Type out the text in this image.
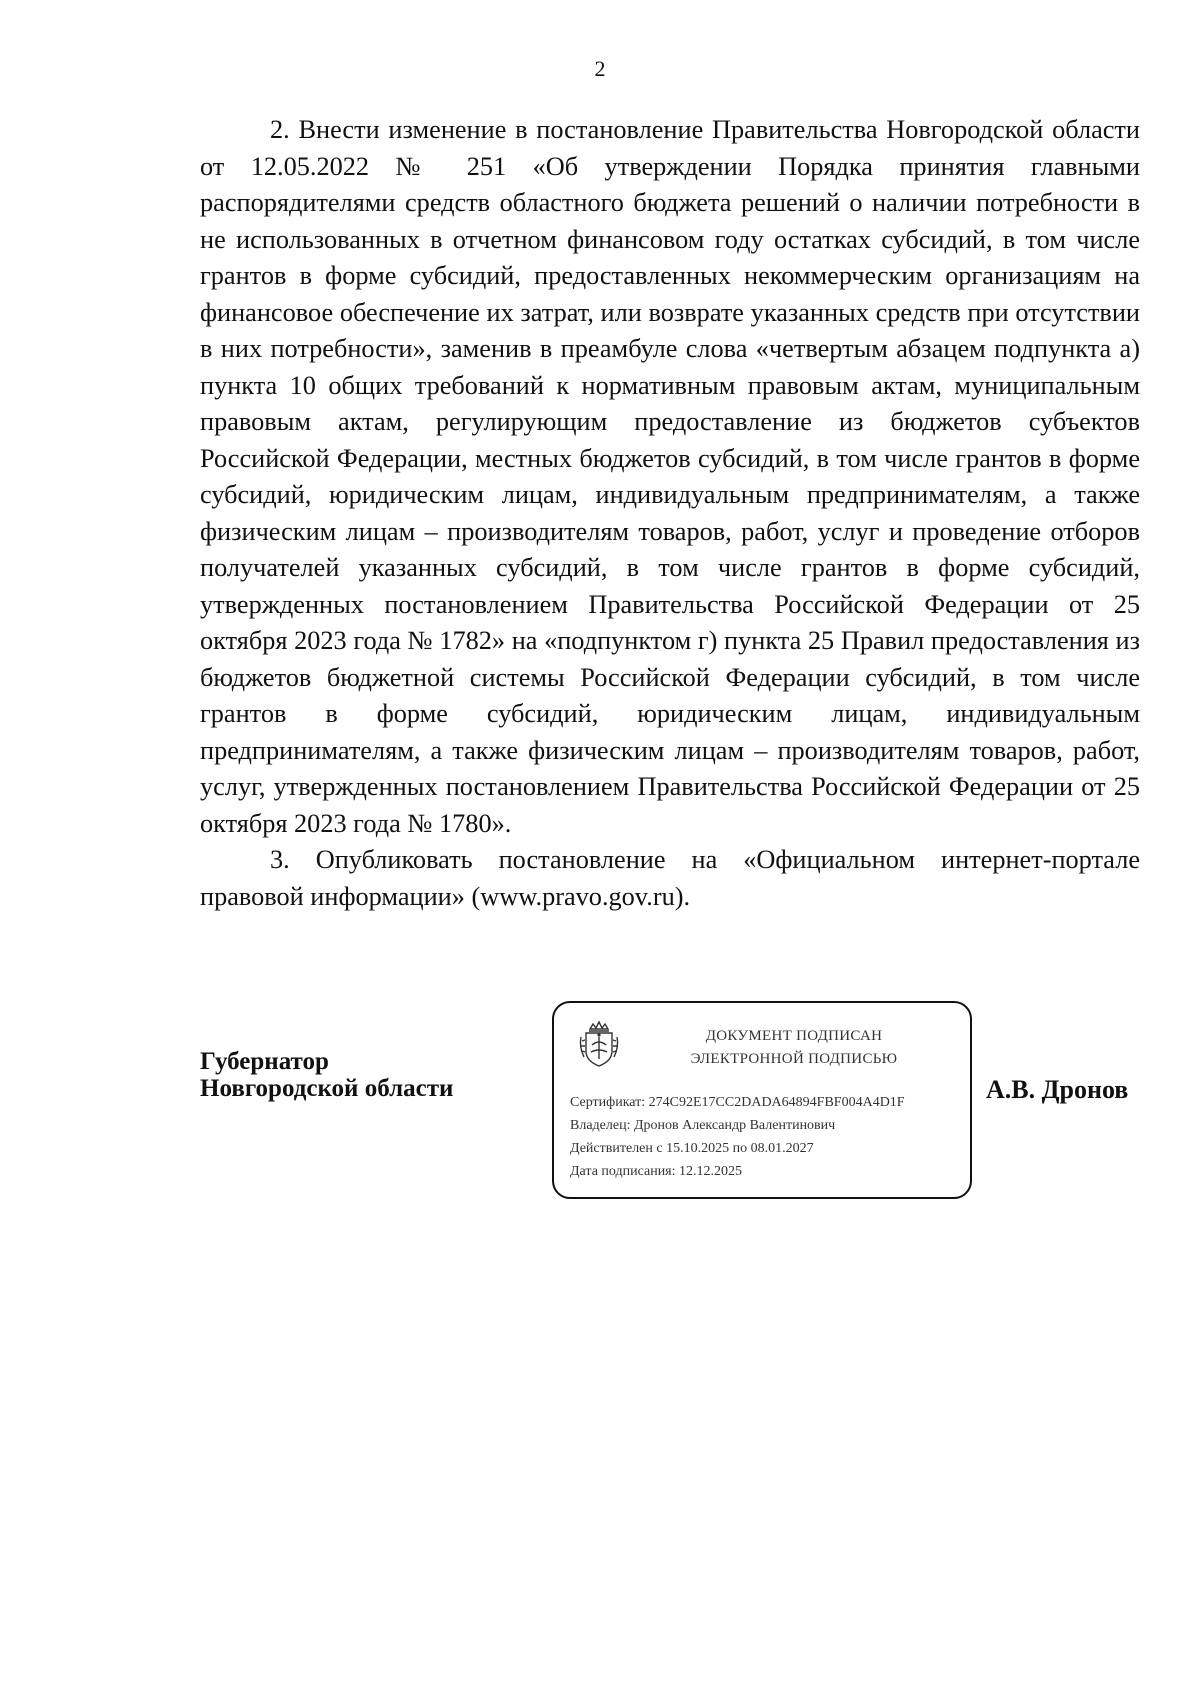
2

2. Внести изменение в постановление Правительства Новгородской области от 12.05.2022 № 251 «Об утверждении Порядка принятия главными распорядителями средств областного бюджета решений о наличии потребности в не использованных в отчетном финансовом году остатках субсидий, в том числе грантов в форме субсидий, предоставленных некоммерческим организациям на финансовое обеспечение их затрат, или возврате указанных средств при отсутствии в них потребности», заменив в преамбуле слова «четвертым абзацем подпункта а) пункта 10 общих требований к нормативным правовым актам, муниципальным правовым актам, регулирующим предоставление из бюджетов субъектов Российской Федерации, местных бюджетов субсидий, в том числе грантов в форме субсидий, юридическим лицам, индивидуальным предпринимателям, а также физическим лицам – производителям товаров, работ, услуг и проведение отборов получателей указанных субсидий, в том числе грантов в форме субсидий, утвержденных постановлением Правительства Российской Федерации от 25 октября 2023 года № 1782» на «подпунктом г) пункта 25 Правил предоставления из бюджетов бюджетной системы Российской Федерации субсидий, в том числе грантов в форме субсидий, юридическим лицам, индивидуальным предпринимателям, а также физическим лицам – производителям товаров, работ, услуг, утвержденных постановлением Правительства Российской Федерации от 25 октября 2023 года № 1780».

3. Опубликовать постановление на «Официальном интернет-портале правовой информации» (www.pravo.gov.ru).

Губернатор
Новгородской области
ДОКУМЕНТ ПОДПИСАН
ЭЛЕКТРОННОЙ ПОДПИСЬЮ
Сертификат: 274C92E17CC2DADA64894FBF004A4D1F
Владелец: Дронов Александр Валентинович
Действителен с 15.10.2025 по 08.01.2027
Дата подписания: 12.12.2025
А.В. Дронов
